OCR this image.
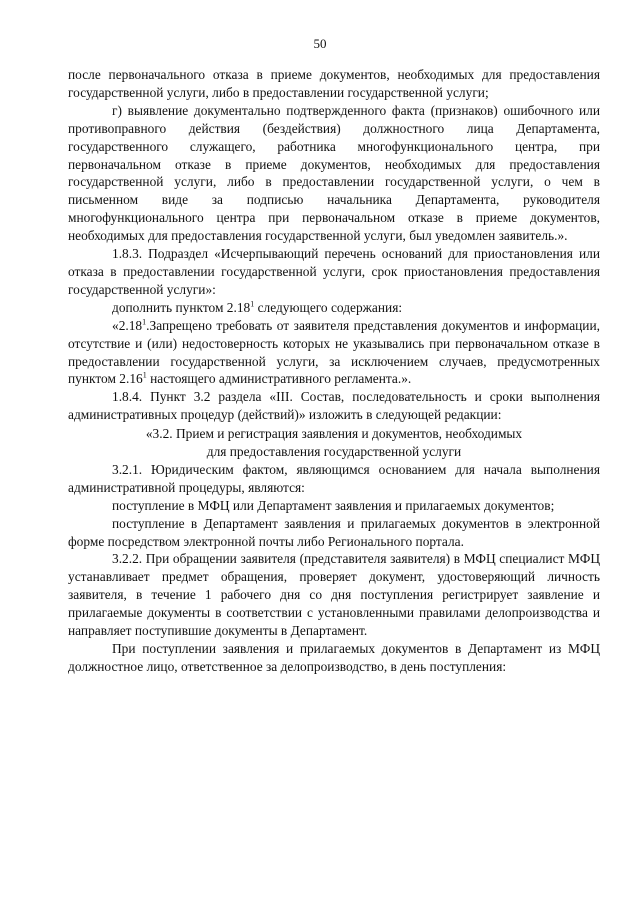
50

после первоначального отказа в приеме документов, необходимых для предоставления государственной услуги, либо в предоставлении государственной услуги;

г) выявление документально подтвержденного факта (признаков) ошибочного или противоправного действия (бездействия) должностного лица Департамента, государственного служащего, работника многофункционального центра, при первоначальном отказе в приеме документов, необходимых для предоставления государственной услуги, либо в предоставлении государственной услуги, о чем в письменном виде за подписью начальника Департамента, руководителя многофункционального центра при первоначальном отказе в приеме документов, необходимых для предоставления государственной услуги, был уведомлен заявитель.».

1.8.3. Подраздел «Исчерпывающий перечень оснований для приостановления или отказа в предоставлении государственной услуги, срок приостановления предоставления государственной услуги»:

дополнить пунктом 2.18$^1$ следующего содержания:

«2.18$^1$.Запрещено требовать от заявителя представления документов и информации, отсутствие и (или) недостоверность которых не указывались при первоначальном отказе в предоставлении государственной услуги, за исключением случаев, предусмотренных пунктом 2.16$^1$ настоящего административного регламента.».

1.8.4. Пункт 3.2 раздела «III. Состав, последовательность и сроки выполнения административных процедур (действий)» изложить в следующей редакции:

«3.2. Прием и регистрация заявления и документов, необходимых

для предоставления государственной услуги

3.2.1. Юридическим фактом, являющимся основанием для начала выполнения административной процедуры, являются:

поступление в МФЦ или Департамент заявления и прилагаемых документов;

поступление в Департамент заявления и прилагаемых документов в электронной форме посредством электронной почты либо Регионального портала.

3.2.2. При обращении заявителя (представителя заявителя) в МФЦ специалист МФЦ устанавливает предмет обращения, проверяет документ, удостоверяющий личность заявителя, в течение 1 рабочего дня со дня поступления регистрирует заявление и прилагаемые документы в соответствии с установленными правилами делопроизводства и направляет поступившие документы в Департамент.

При поступлении заявления и прилагаемых документов в Департамент из МФЦ должностное лицо, ответственное за делопроизводство, в день поступления:
